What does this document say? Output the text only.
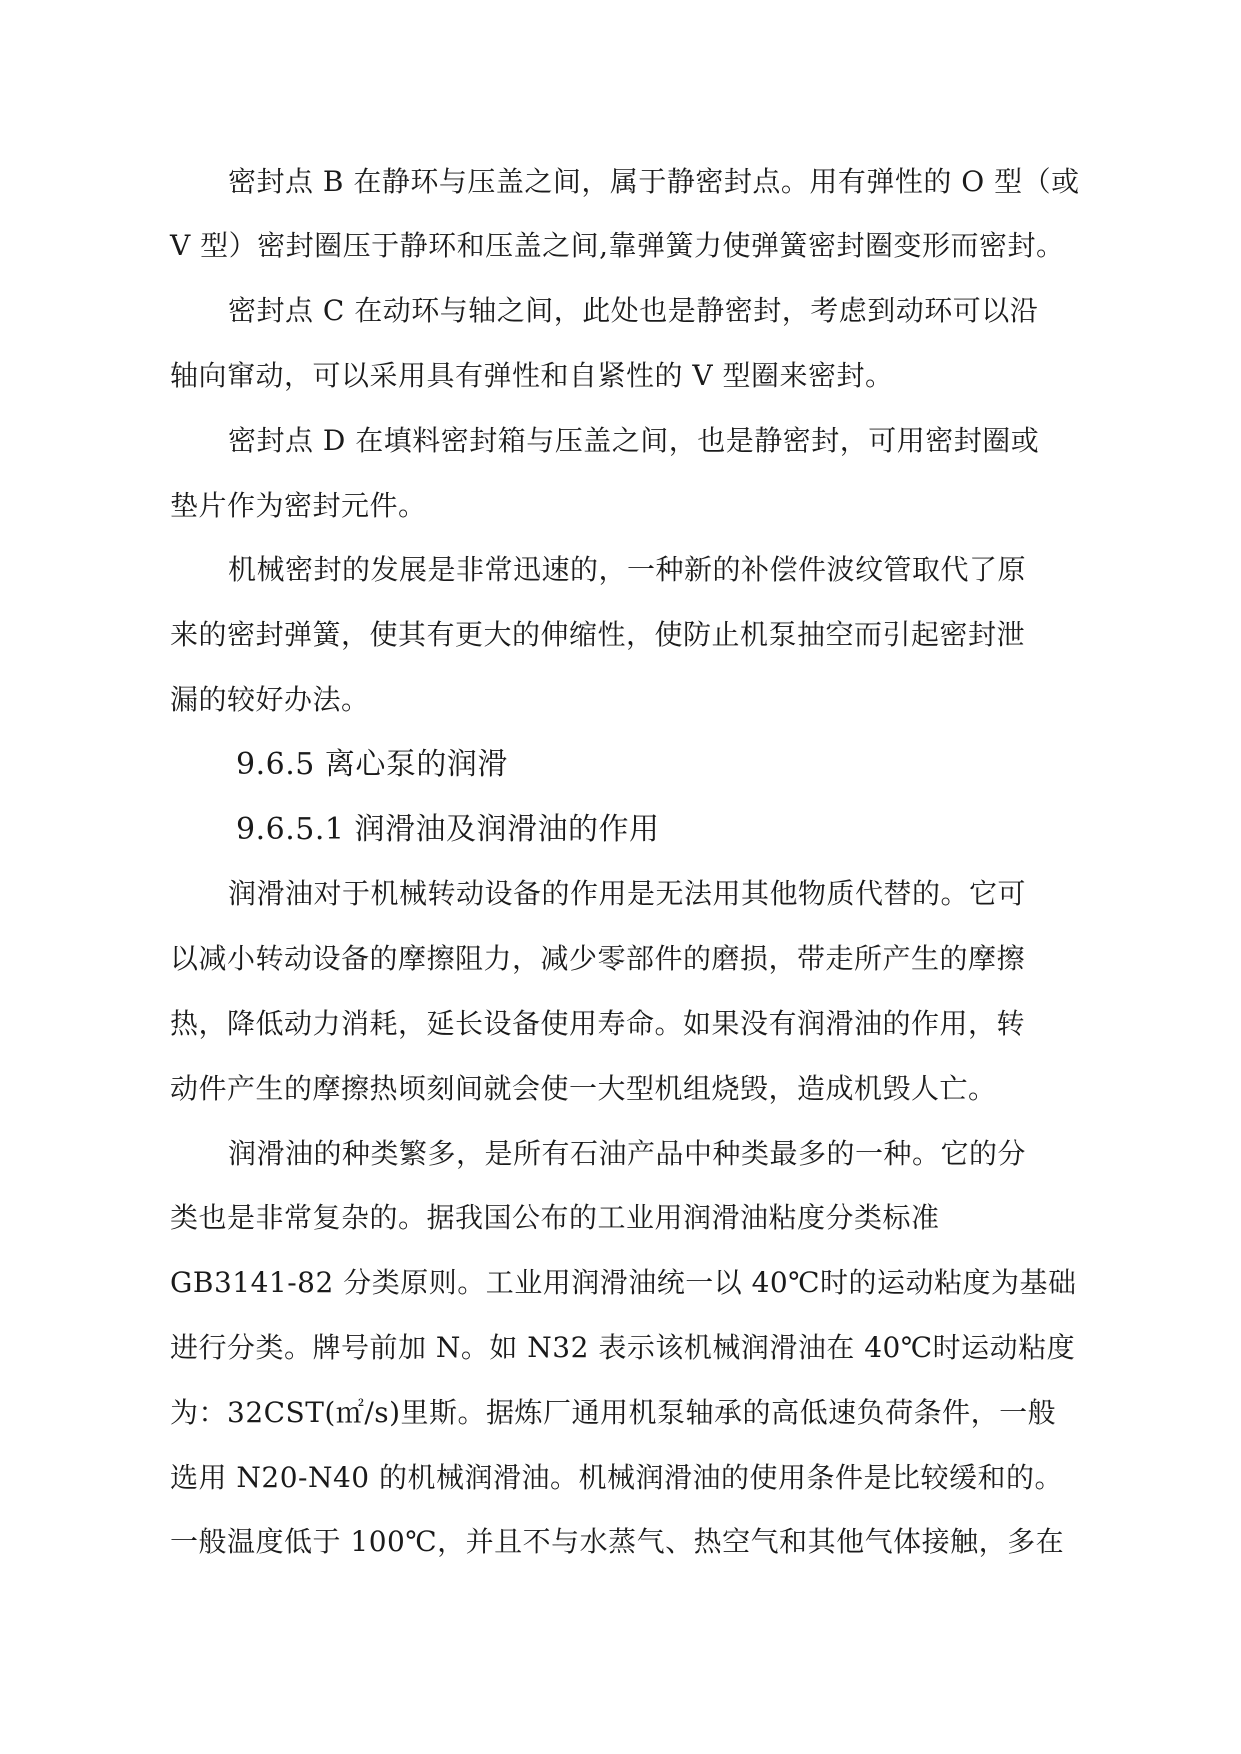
密封点 B 在静环与压盖之间，属于静密封点。用有弹性的 O 型（或
V 型）密封圈压于静环和压盖之间,靠弹簧力使弹簧密封圈变形而密封。
密封点 C 在动环与轴之间，此处也是静密封，考虑到动环可以沿
轴向窜动，可以采用具有弹性和自紧性的 V 型圈来密封。
密封点 D 在填料密封箱与压盖之间，也是静密封，可用密封圈或
垫片作为密封元件。
机械密封的发展是非常迅速的，一种新的补偿件波纹管取代了原
来的密封弹簧，使其有更大的伸缩性，使防止机泵抽空而引起密封泄
漏的较好办法。
9.6.5 离心泵的润滑
9.6.5.1 润滑油及润滑油的作用
润滑油对于机械转动设备的作用是无法用其他物质代替的。它可
以减小转动设备的摩擦阻力，减少零部件的磨损，带走所产生的摩擦
热，降低动力消耗，延长设备使用寿命。如果没有润滑油的作用，转
动件产生的摩擦热顷刻间就会使一大型机组烧毁，造成机毁人亡。
润滑油的种类繁多，是所有石油产品中种类最多的一种。它的分
类也是非常复杂的。据我国公布的工业用润滑油粘度分类标准
GB3141-82 分类原则。工业用润滑油统一以 40℃时的运动粘度为基础
进行分类。牌号前加 N。如 N32 表示该机械润滑油在 40℃时运动粘度
为：32CST(㎡/s)里斯。据炼厂通用机泵轴承的高低速负荷条件，一般
选用 N20-N40 的机械润滑油。机械润滑油的使用条件是比较缓和的。
一般温度低于 100℃，并且不与水蒸气、热空气和其他气体接触，多在
